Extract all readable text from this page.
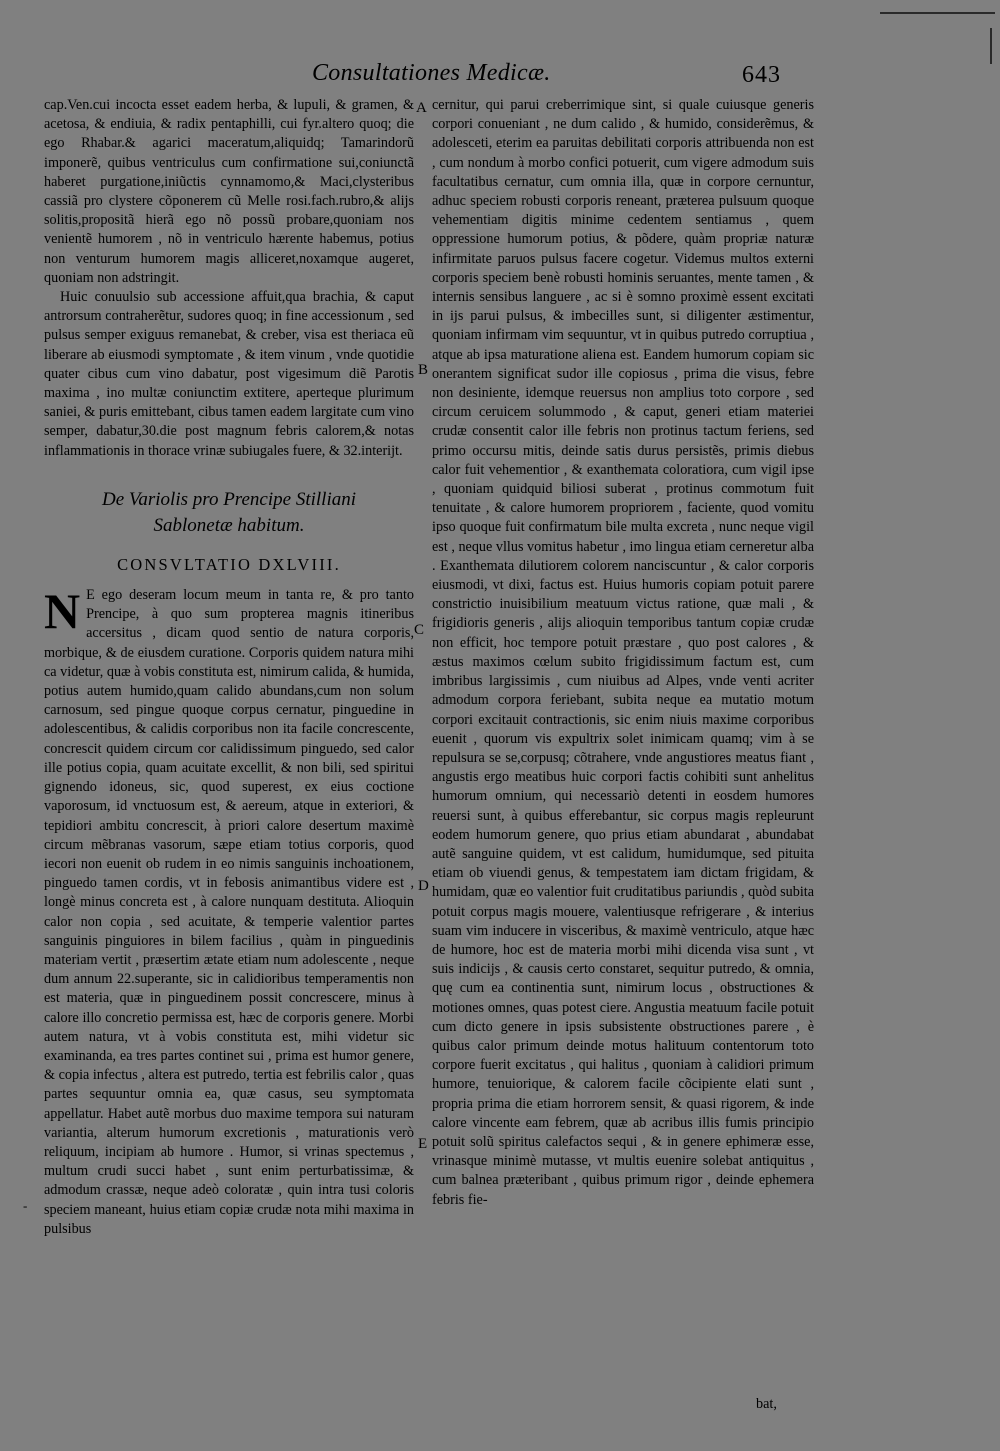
Consultationes Medicæ.	643

cap.Ven.cui incocta esset eadem herba, & lupuli, & gramen, & acetosa, & endiuia, & radix pentaphilli, cui fyr.altero quoq; die ego Rhabar.& agarici maceratum,aliquidq; Tamarindorũ imponerẽ, quibus ventriculus cum confirmatione sui,coniunctã haberet purgatione,iniũctis cynnamomo,& Maci,clysteribus cassiã pro clystere cõponerem cũ Melle rosi.fach.rubro,& alijs solitis,propositã hierã ego nõ possũ probare,quoniam nos venientẽ humorem , nõ in ventriculo hærente habemus, potius non venturum humorem magis alliceret,noxamque augeret, quoniam non adstringit.

Huic conuulsio sub accessione affuit,qua brachia, & caput antrorsum contraherẽtur, sudores quoq; in fine accessionum , sed pulsus semper exiguus remanebat, & creber, visa est theriaca eũ liberare ab eiusmodi symptomate , & item vinum , vnde quotidie quater cibus cum vino dabatur, post vigesimum diẽ Parotis maxima , ino multæ coniunctim extitere, aperteque plurimum saniei, & puris emittebant, cibus tamen eadem largitate cum vino semper, dabatur,30.die post magnum febris calorem,& notas inflammationis in thorace vrinæ subiugales fuere, & 32.interijt.

De Variolis pro Prencipe Stilliani
Sablonetæ habitum.
CONSVLTATIO DXLVIII.

N E ego deseram locum meum in tanta re, & pro tanto Prencipe, à quo sum propterea magnis itineribus accersitus , dicam quod sentio de natura corporis, morbique, & de eiusdem curatione. Corporis quidem natura mihi ca videtur, quæ à vobis constituta est, nimirum calida, & humida, potius autem humido,quam calido abundans,cum non solum carnosum, sed pingue quoque corpus cernatur, pinguedine in adolescentibus, & calidis corporibus non ita facile concrescente, concrescit quidem circum cor calidissimum pinguedo, sed calor ille potius copia, quam acuitate excellit, & non bili, sed spiritui gignendo idoneus, sic, quod superest, ex eius coctione vaporosum, id vnctuosum est, & aereum, atque in exteriori, & tepidiori ambitu concrescit, à priori calore desertum maximè circum mẽbranas vasorum, sæpe etiam totius corporis, quod iecori non euenit ob rudem in eo nimis sanguinis inchoationem, pinguedo tamen cordis, vt in febosis animantibus videre est , longè minus concreta est , à calore nunquam destituta. Alioquin calor non copia , sed acuitate, & temperie valentior partes sanguinis pinguiores in bilem facilius , quàm in pinguedinis materiam vertit , præsertim ætate etiam num adolescente , neque dum annum 22.superante, sic in calidioribus temperamentis non est materia, quæ in pinguedinem possit concrescere, minus à calore illo concretio permissa est, hæc de corporis genere. Morbi autem natura, vt à vobis constituta est, mihi videtur sic examinanda, ea tres partes continet sui , prima est humor genere, & copia infectus , altera est putredo, tertia est febrilis calor , quas partes sequuntur omnia ea, quæ casus, seu symptomata appellatur. Habet autẽ morbus duo maxime tempora sui naturam variantia, alterum humorum excretionis , maturationis verò reliquum, incipiam ab humore . Humor, si vrinas spectemus , multum crudi succi habet , sunt enim perturbatissimæ, & admodum crassæ, neque adeò coloratæ , quin intra tusi coloris speciem maneant, huius etiam copiæ crudæ nota mihi maxima in pulsibus

cernitur, qui parui creberrimique sint, si quale cuiusque generis corpori conueniant , ne dum calido , & humido, considerẽmus, & adolesceti, eterim ea paruitas debilitati corporis attribuenda non est , cum nondum à morbo confici potuerit, cum vigere admodum suis facultatibus cernatur, cum omnia illa, quæ in corpore cernuntur, adhuc speciem robusti corporis reneant, præterea pulsuum quoque vehementiam digitis minime cedentem sentiamus , quem oppressione humorum potius, & põdere, quàm propriæ naturæ infirmitate paruos pulsus facere cogetur. Videmus multos externi corporis speciem benè robusti hominis seruantes, mente tamen , & internis sensibus languere , ac si è somno proximè essent excitati in ijs parui pulsus, & imbecilles sunt, si diligenter æstimentur, quoniam infirmam vim sequuntur, vt in quibus putredo corruptiua , atque ab ipsa maturatione aliena est. Eandem humorum copiam sic onerantem significat sudor ille copiosus , prima die visus, febre non desiniente, idemque reuersus non amplius toto corpore , sed circum ceruicem solummodo , & caput, generi etiam materiei crudæ consentit calor ille febris non protinus tactum feriens, sed primo occursu mitis, deinde satis durus persistẽs, primis diebus calor fuit vehementior , & exanthemata coloratiora, cum vigil ipse , quoniam quidquid biliosi suberat , protinus commotum fuit tenuitate , & calore humorem propriorem , faciente, quod vomitu ipso quoque fuit confirmatum bile multa excreta , nunc neque vigil est , neque vllus vomitus habetur , imo lingua etiam cerneretur alba . Exanthemata dilutiorem colorem nanciscuntur , & calor corporis eiusmodi, vt dixi, factus est. Huius humoris copiam potuit parere constrictio inuisibilium meatuum victus ratione, quæ mali , & frigidioris generis , alijs alioquin temporibus tantum copiæ crudæ non efficit, hoc tempore potuit præstare , quo post calores , & æstus maximos cœlum subito frigidissimum factum est, cum imbribus largissimis , cum niuibus ad Alpes, vnde venti acriter admodum corpora feriebant, subita neque ea mutatio motum corpori excitauit contractionis, sic enim niuis maxime corporibus euenit , quorum vis expultrix solet inimicam quamq; vim à se repulsura se se,corpusq; cõtrahere, vnde angustiores meatus fiant , angustis ergo meatibus huic corpori factis cohibiti sunt anhelitus humorum omnium, qui necessariò detenti in eosdem humores reuersi sunt, à quibus efferebantur, sic corpus magis repleurunt eodem humorum genere, quo prius etiam abundarat , abundabat autẽ sanguine quidem, vt est calidum, humidumque, sed pituita etiam ob viuendi genus, & tempestatem iam dictam frigidam, & humidam, quæ eo valentior fuit cruditatibus pariundis , quòd subita potuit corpus magis mouere, valentiusque refrigerare , & interius suam vim inducere in visceribus, & maximè ventriculo, atque hæc de humore, hoc est de materia morbi mihi dicenda visa sunt , vt suis indicijs , & causis certo constaret, sequitur putredo, & omnia, quę cum ea continentia sunt, nimirum locus , obstructiones & motiones omnes, quas potest ciere. Angustia meatuum facile potuit cum dicto genere in ipsis subsistente obstructiones parere , è quibus calor primum deinde motus halituum contentorum toto corpore fuerit excitatus , qui halitus , quoniam à calidiori primum humore, tenuiorique, & calorem facile cõcipiente elati sunt , propria prima die etiam horrorem sensit, & quasi rigorem, & inde calore vincente eam febrem, quæ ab acribus illis fumis principio potuit solũ spiritus calefactos sequi , & in genere ephimeræ esse, vrinasque minimè mutasse, vt multis euenire solebat antiquitus , cum balnea præteribant , quibus primum rigor , deinde ephemera febris fie-

A
B
C
D
E
-
bat,
